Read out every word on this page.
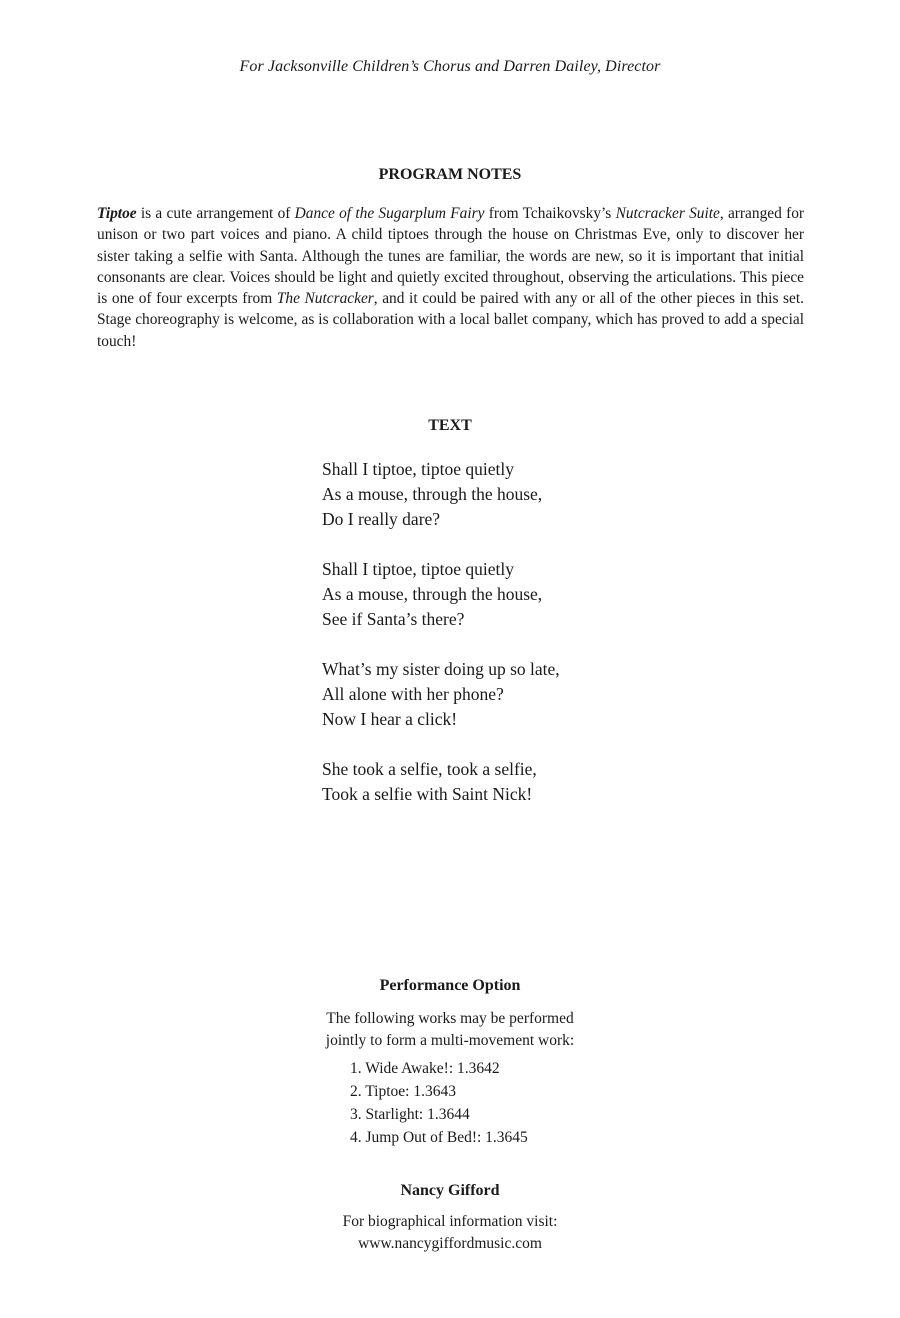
For Jacksonville Children’s Chorus and Darren Dailey, Director
PROGRAM NOTES

Tiptoe is a cute arrangement of Dance of the Sugarplum Fairy from Tchaikovsky’s Nutcracker Suite, arranged for unison or two part voices and piano. A child tiptoes through the house on Christmas Eve, only to discover her sister taking a selfie with Santa. Although the tunes are familiar, the words are new, so it is important that initial consonants are clear. Voices should be light and quietly excited throughout, observing the articulations. This piece is one of four excerpts from The Nutcracker, and it could be paired with any or all of the other pieces in this set. Stage choreography is welcome, as is collaboration with a local ballet company, which has proved to add a special touch!

TEXT
Shall I tiptoe, tiptoe quietly
As a mouse, through the house,
Do I really dare?
Shall I tiptoe, tiptoe quietly
As a mouse, through the house,
See if Santa’s there?
What’s my sister doing up so late,
All alone with her phone?
Now I hear a click!
She took a selfie, took a selfie,
Took a selfie with Saint Nick!
Performance Option
The following works may be performed
jointly to form a multi-movement work:
1. Wide Awake!: 1.3642
2. Tiptoe: 1.3643
3. Starlight: 1.3644
4. Jump Out of Bed!: 1.3645
Nancy Gifford
For biographical information visit:
www.nancygiffordmusic.com
